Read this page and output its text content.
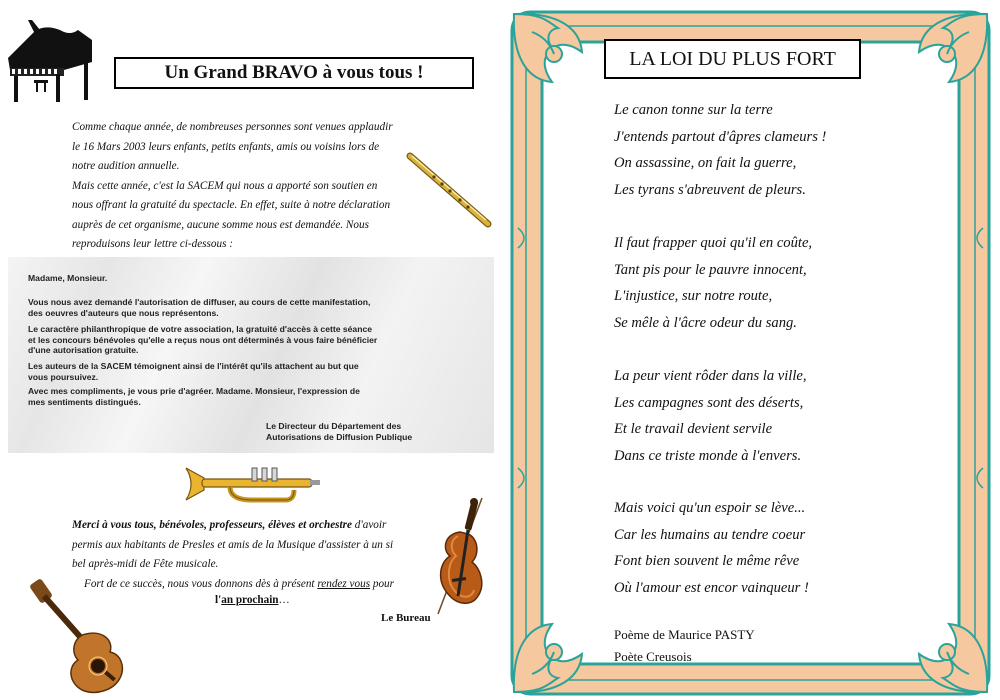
Un Grand BRAVO à vous tous !
Comme chaque année, de nombreuses personnes sont venues applaudir
le 16 Mars 2003 leurs enfants, petits enfants, amis ou voisins lors de
notre audition annuelle.
Mais cette année, c'est la SACEM qui nous a apporté son soutien en
nous offrant la gratuité du spectacle. En effet, suite à notre déclaration
auprès de cet organisme, aucune somme nous est demandée. Nous
reproduisons leur lettre ci-dessous :
Madame, Monsieur.
Vous nous avez demandé l'autorisation de diffuser, au cours de cette manifestation,
des oeuvres d'auteurs que nous représentons.
Le caractère philanthropique de votre association, la gratuité d'accès à cette séance
et les concours bénévoles qu'elle a reçus nous ont déterminés à vous faire bénéficier
d'une autorisation gratuite.
Les auteurs de la SACEM témoignent ainsi de l'intérêt qu'ils attachent au but que
vous poursuivez.
Avec mes compliments, je vous prie d'agréer. Madame. Monsieur, l'expression de
mes sentiments distingués.
Le Directeur du Département des
Autorisations de Diffusion Publique
Merci à vous tous, bénévoles, professeurs, élèves et orchestre d'avoir
permis aux habitants de Presles et amis de la Musique d'assister à un si
bel après-midi de Fête musicale.
Fort de ce succès, nous vous donnons dès à présent rendez vous pour
l'an prochain…
Le Bureau
LA LOI DU PLUS FORT
Le canon tonne sur la terre
J'entends partout d'âpres clameurs !
On assassine, on fait la guerre,
Les tyrans s'abreuvent de pleurs.
Il faut frapper quoi qu'il en coûte,
Tant pis pour le pauvre innocent,
L'injustice, sur notre route,
Se mêle à l'âcre odeur du sang.
La peur vient rôder dans la ville,
Les campagnes sont des déserts,
Et le travail devient servile
Dans ce triste monde à l'envers.
Mais voici qu'un espoir se lève...
Car les humains au tendre coeur
Font bien souvent le même rêve
Où l'amour est encor vainqueur !
Poème de Maurice PASTY
Poète Creusois
